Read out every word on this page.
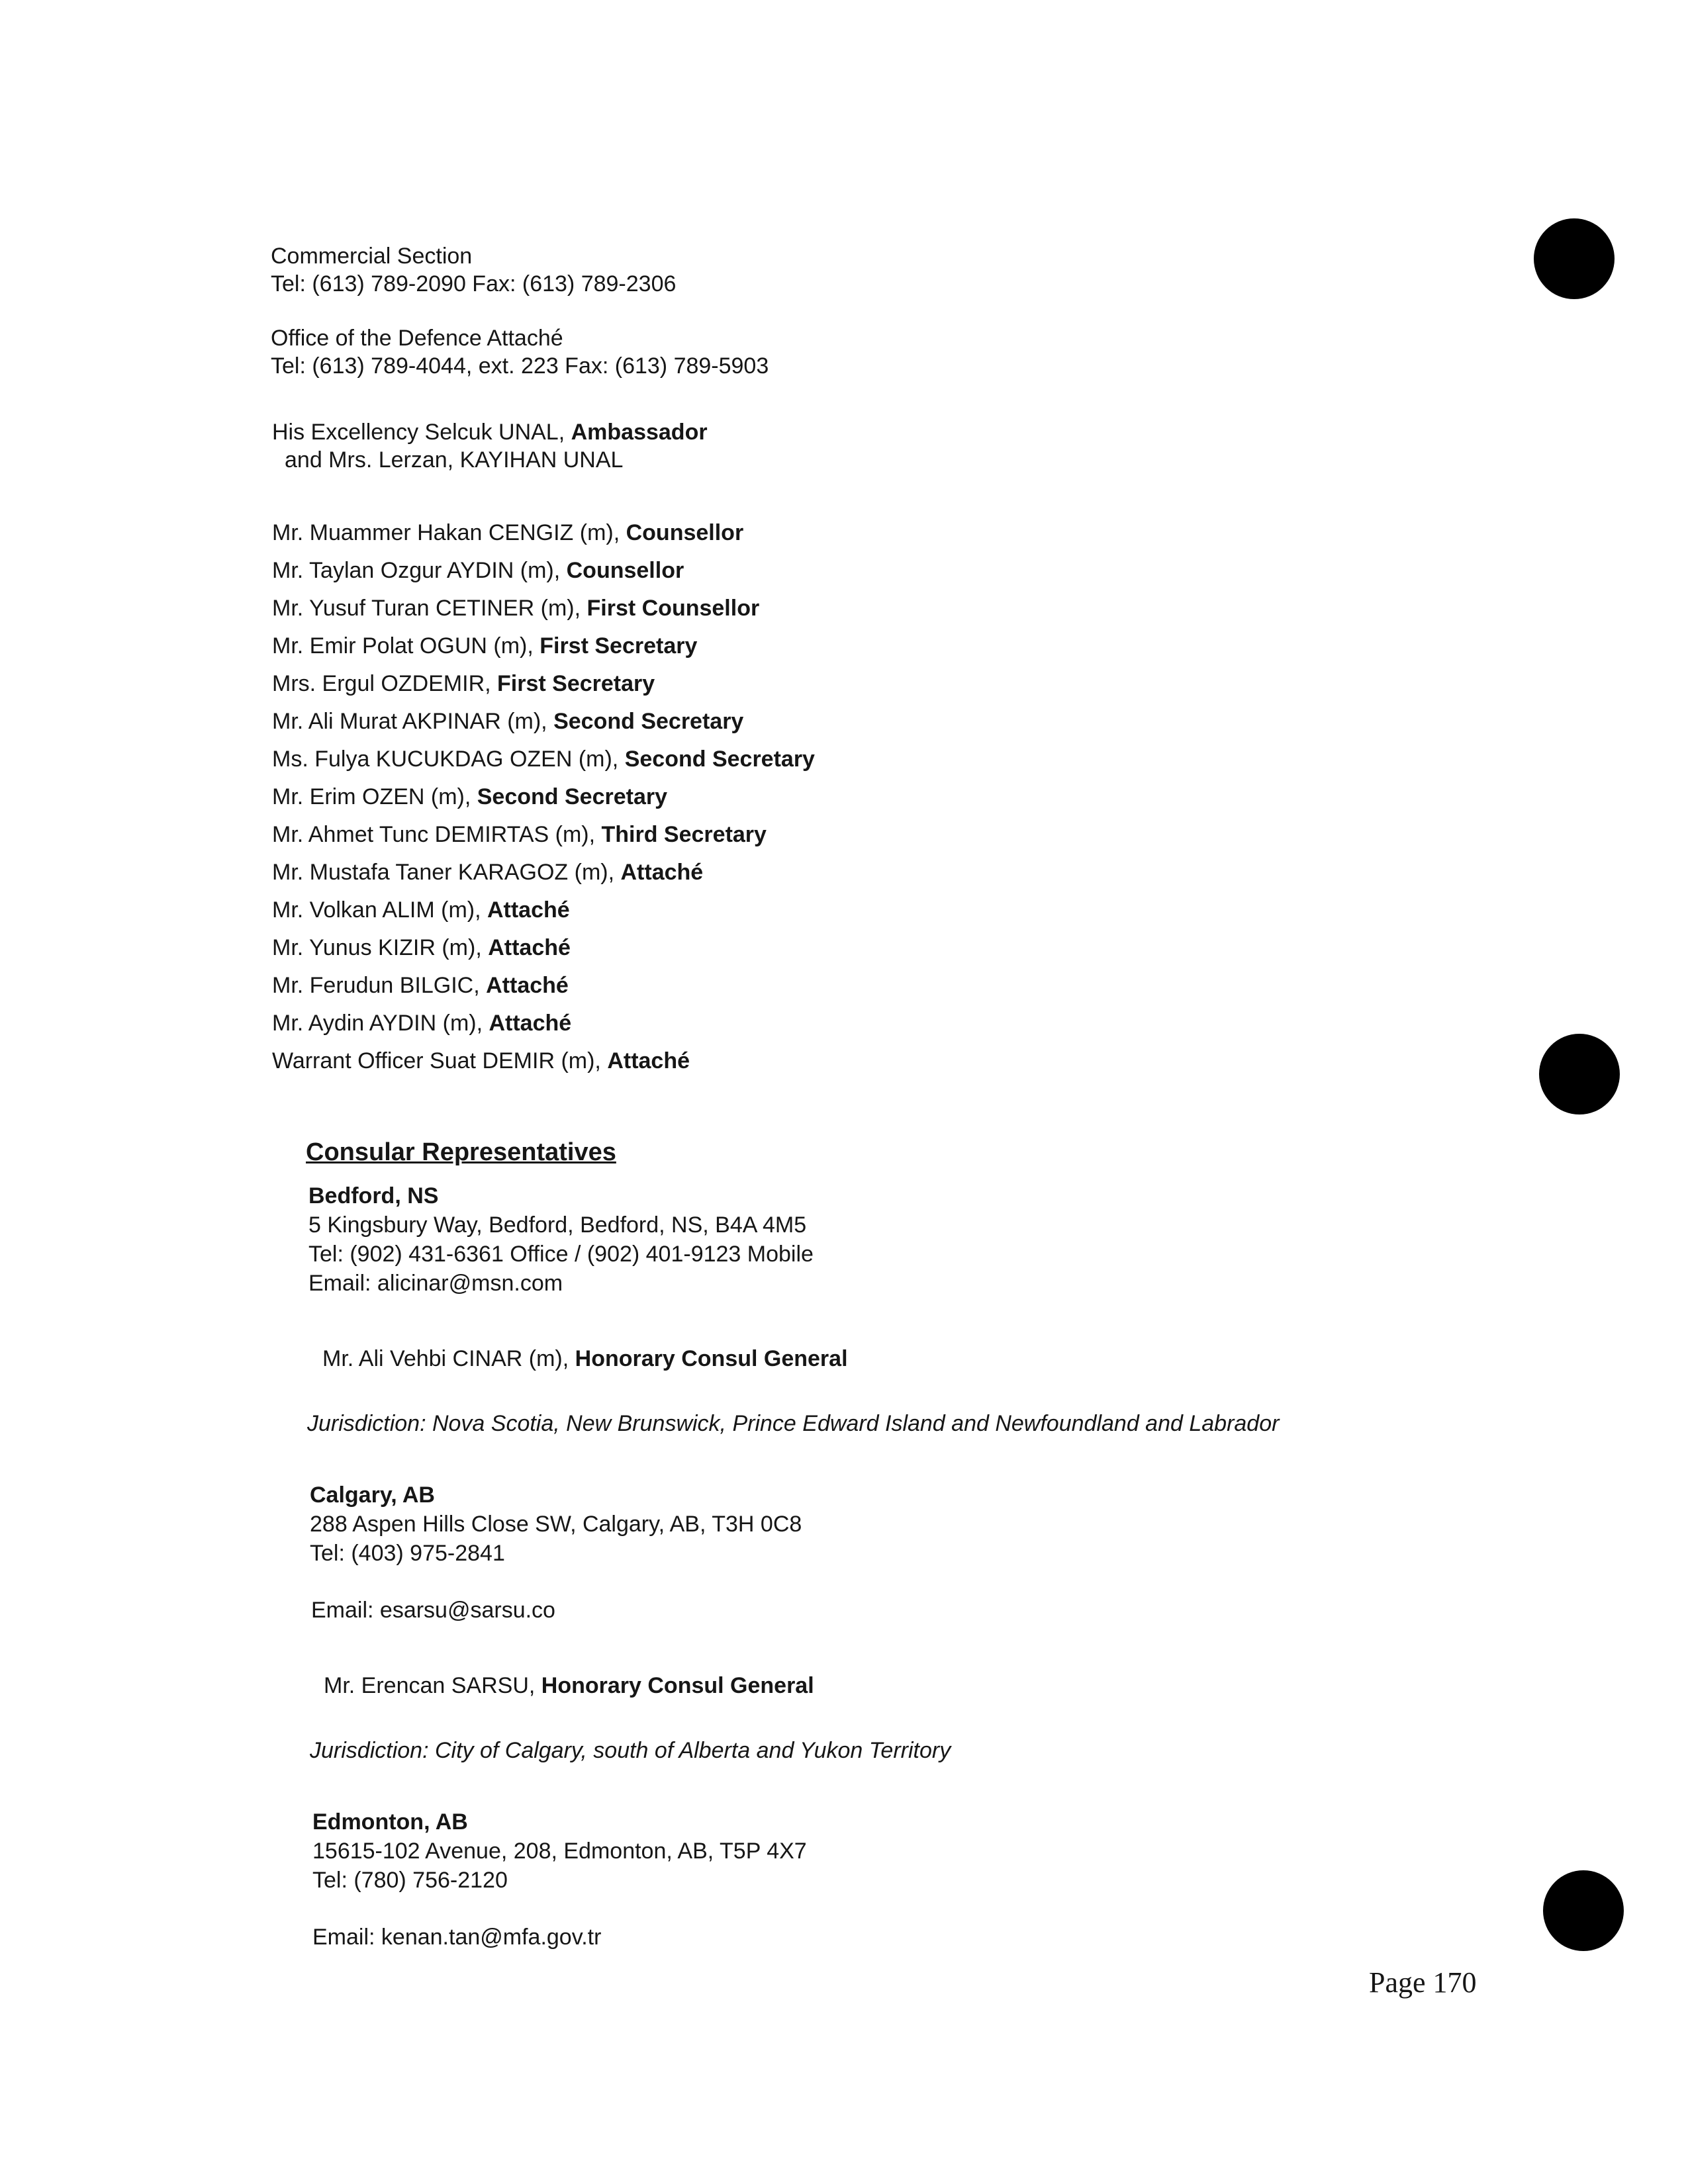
Commercial Section
Tel: (613) 789-2090 Fax: (613) 789-2306
Office of the Defence Attaché
Tel: (613) 789-4044, ext. 223 Fax: (613) 789-5903
His Excellency Selcuk UNAL, Ambassador
and Mrs. Lerzan, KAYIHAN UNAL
Mr. Muammer Hakan CENGIZ (m), Counsellor
Mr. Taylan Ozgur AYDIN (m), Counsellor
Mr. Yusuf Turan CETINER (m), First Counsellor
Mr. Emir Polat OGUN (m), First Secretary
Mrs. Ergul OZDEMIR, First Secretary
Mr. Ali Murat AKPINAR (m), Second Secretary
Ms. Fulya KUCUKDAG OZEN (m), Second Secretary
Mr. Erim OZEN (m), Second Secretary
Mr. Ahmet Tunc DEMIRTAS (m), Third Secretary
Mr. Mustafa Taner KARAGOZ (m), Attaché
Mr. Volkan ALIM (m), Attaché
Mr. Yunus KIZIR (m), Attaché
Mr. Ferudun BILGIC, Attaché
Mr. Aydin AYDIN (m), Attaché
Warrant Officer Suat DEMIR (m), Attaché
Consular Representatives
Bedford, NS
5 Kingsbury Way, Bedford, Bedford, NS, B4A 4M5
Tel: (902) 431-6361 Office / (902) 401-9123 Mobile
Email: alicinar@msn.com
Mr. Ali Vehbi CINAR (m), Honorary Consul General
Jurisdiction: Nova Scotia, New Brunswick, Prince Edward Island and Newfoundland and Labrador
Calgary, AB
288 Aspen Hills Close SW, Calgary, AB, T3H 0C8
Tel: (403) 975-2841
Email: esarsu@sarsu.co
Mr. Erencan SARSU, Honorary Consul General
Jurisdiction: City of Calgary, south of Alberta and Yukon Territory
Edmonton, AB
15615-102 Avenue, 208, Edmonton, AB, T5P 4X7
Tel: (780) 756-2120
Email: kenan.tan@mfa.gov.tr
Page 170
